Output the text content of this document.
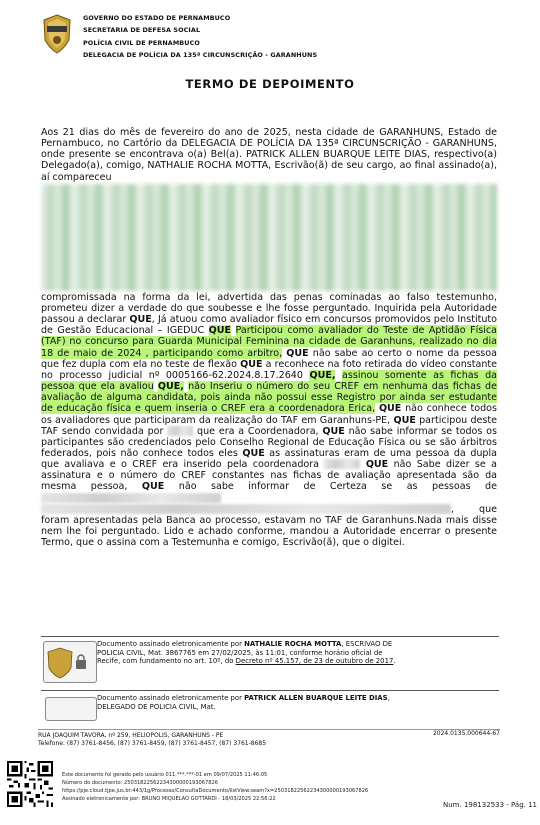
GOVERNO DO ESTADO DE PERNAMBUCO
SECRETARIA DE DEFESA SOCIAL
POLÍCIA CIVIL DE PERNAMBUCO
DELEGACIA DE POLÍCIA DA 135ª CIRCUNSCRIÇÃO - GARANHUNS
TERMO DE DEPOIMENTO

Aos 21 dias do mês de fevereiro do ano de 2025, nesta cidade de GARANHUNS, Estado de Pernambuco, no Cartório da DELEGACIA DE POLÍCIA DA 135ª CIRCUNSCRIÇÃO - GARANHUNS, onde presente se encontrava o(a) Bel(a). PATRICK ALLEN BUARQUE LEITE DIAS, respectivo(a) Delegado(a), comigo, NATHALIE ROCHA MOTTA, Escrivão(ã) de seu cargo, ao final assinado(a), aí compareceu
compromissada na forma da lei, advertida das penas cominadas ao falso testemunho, prometeu dizer a verdade do que soubesse e lhe fosse perguntado. Inquirida pela Autoridade passou a declarar QUE, Já atuou como avaliador físico em concursos promovidos pelo Instituto de Gestão Educacional – IGEDUC QUE Participou como avaliador do Teste de Aptidão Física (TAF) no concurso para Guarda Municipal Feminina na cidade de Garanhuns, realizado no dia 18 de maio de 2024 , participando como arbitro, QUE não sabe ao certo o nome da pessoa que fez dupla com ela no teste de flexão QUE a reconhece na foto retirada do vídeo constante no processo judicial nº 0005166-62.2024.8.17.2640 QUE, assinou somente as fichas da pessoa que ela avaliou QUE, não Inseriu o número do seu CREF em nenhuma das fichas de avaliação de alguma candidata, pois ainda não possui esse Registro por ainda ser estudante de educação física e quem inseria o CREF era a coordenadora Erica, QUE não conhece todos os avaliadores que participaram da realização do TAF em Garanhuns-PE, QUE participou deste TAF sendo convidada por	que era a Coordenadora, QUE não sabe informar se todos os participantes são credenciados pelo Conselho Regional de Educação Física ou se são árbitros federados, pois não conhece todos eles QUE as assinaturas eram de uma pessoa da dupla que avaliava e o CREF era inserido pela coordenadora	QUE não Sabe dizer se a assinatura e o número do CREF constantes nas fichas de avaliação apresentada são da mesma pessoa, QUE não sabe informar de Certeza se as pessoas de  , que foram apresentadas pela Banca ao processo, estavam no TAF de Garanhuns.Nada mais disse nem lhe foi perguntado. Lido e achado conforme, mandou a Autoridade encerrar o presente Termo, que o assina com a Testemunha e comigo, Escrivão(ã), que o digitei.

Documento assinado eletronicamente por NATHALIE ROCHA MOTTA, ESCRIVAO DE POLICIA CIVIL, Mat. 3867765 em 27/02/2025, às 11:01, conforme horário oficial de Recife, com fundamento no art. 10º, do Decreto nº 45.157, de 23 de outubro de 2017.
Documento assinado eletronicamente por PATRICK ALLEN BUARQUE LEITE DIAS, DELEGADO DE POLICIA CIVIL, Mat.
RUA JOAQUIM TAVORA, nº 259, HELIOPOLIS, GARANHUNS - PE
Telefone: (87) 3761-8456, (87) 3761-8459, (87) 3761-8457, (87) 3761-8685
2024.0135.000644-67
Este documento foi gerado pelo usuário 011.***.***-01 em 09/07/2025 11:46:05
Número do documento: 25031822562234300000193067826
https://pje.cloud.tjpe.jus.br:443/1g/Processo/ConsultaDocumento/listView.seam?x=25031822562234300000193067826
Assinado eletronicamente por: BRUNO MIQUELAO GOTTARDI - 18/03/2025 22:56:22
Num. 198132533 - Pág. 11
